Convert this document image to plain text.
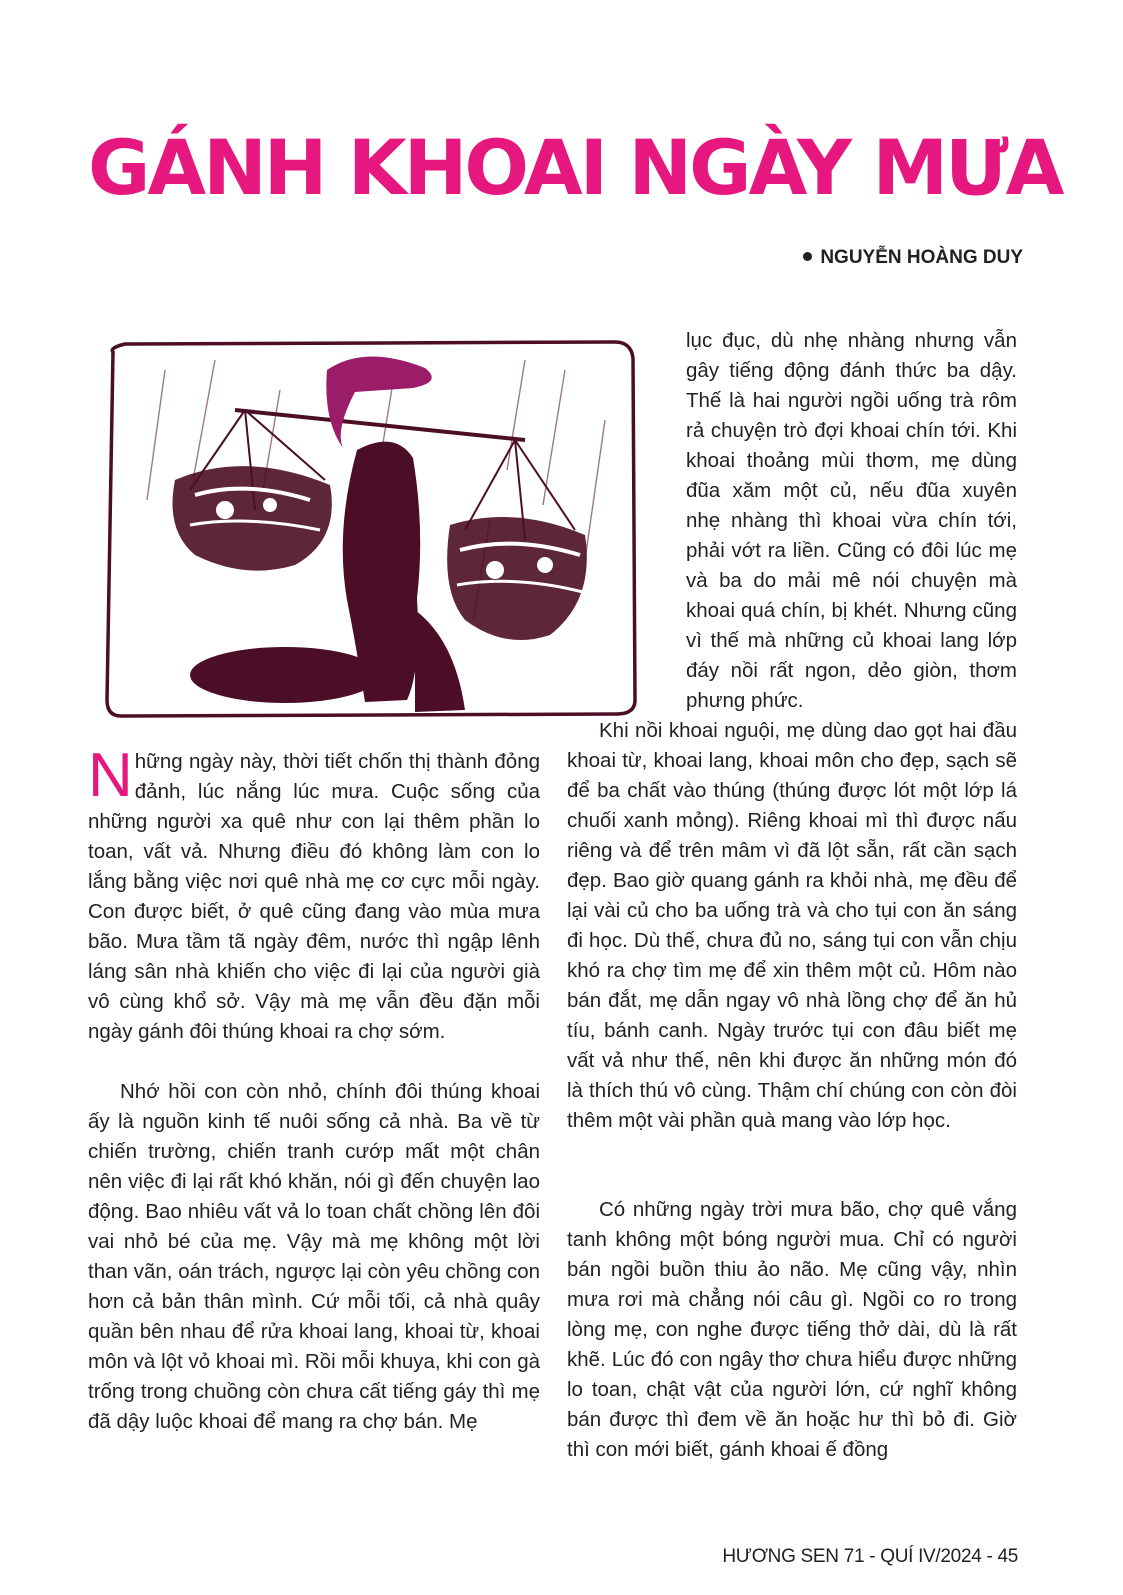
GÁNH KHOAI NGÀY MƯA
NGUYỄN HOÀNG DUY

Những ngày này, thời tiết chốn thị thành đỏng đảnh, lúc nắng lúc mưa. Cuộc sống của những người xa quê như con lại thêm phần lo toan, vất vả. Nhưng điều đó không làm con lo lắng bằng việc nơi quê nhà mẹ cơ cực mỗi ngày. Con được biết, ở quê cũng đang vào mùa mưa bão. Mưa tầm tã ngày đêm, nước thì ngập lênh láng sân nhà khiến cho việc đi lại của người già vô cùng khổ sở. Vậy mà mẹ vẫn đều đặn mỗi ngày gánh đôi thúng khoai ra chợ sớm.

Nhớ hồi con còn nhỏ, chính đôi thúng khoai ấy là nguồn kinh tế nuôi sống cả nhà. Ba về từ chiến trường, chiến tranh cướp mất một chân nên việc đi lại rất khó khăn, nói gì đến chuyện lao động. Bao nhiêu vất vả lo toan chất chồng lên đôi vai nhỏ bé của mẹ. Vậy mà mẹ không một lời than vãn, oán trách, ngược lại còn yêu chồng con hơn cả bản thân mình. Cứ mỗi tối, cả nhà quây quần bên nhau để rửa khoai lang, khoai từ, khoai môn và lột vỏ khoai mì. Rồi mỗi khuya, khi con gà trống trong chuồng còn chưa cất tiếng gáy thì mẹ đã dậy luộc khoai để mang ra chợ bán. Mẹ

lục đục, dù nhẹ nhàng nhưng vẫn gây tiếng động đánh thức ba dậy. Thế là hai người ngồi uống trà rôm rả chuyện trò đợi khoai chín tới. Khi khoai thoảng mùi thơm, mẹ dùng đũa xăm một củ, nếu đũa xuyên nhẹ nhàng thì khoai vừa chín tới, phải vớt ra liền. Cũng có đôi lúc mẹ và ba do mải mê nói chuyện mà khoai quá chín, bị khét. Nhưng cũng vì thế mà những củ khoai lang lớp đáy nồi rất ngon, dẻo giòn, thơm phưng phức.

Khi nồi khoai nguội, mẹ dùng dao gọt hai đầu khoai từ, khoai lang, khoai môn cho đẹp, sạch sẽ để ba chất vào thúng (thúng được lót một lớp lá chuối xanh mỏng). Riêng khoai mì thì được nấu riêng và để trên mâm vì đã lột sẵn, rất cần sạch đẹp. Bao giờ quang gánh ra khỏi nhà, mẹ đều để lại vài củ cho ba uống trà và cho tụi con ăn sáng đi học. Dù thế, chưa đủ no, sáng tụi con vẫn chịu khó ra chợ tìm mẹ để xin thêm một củ. Hôm nào bán đắt, mẹ dẫn ngay vô nhà lồng chợ để ăn hủ tíu, bánh canh. Ngày trước tụi con đâu biết mẹ vất vả như thế, nên khi được ăn những món đó là thích thú vô cùng. Thậm chí chúng con còn đòi thêm một vài phần quà mang vào lớp học.

Có những ngày trời mưa bão, chợ quê vắng tanh không một bóng người mua. Chỉ có người bán ngồi buồn thiu ảo não. Mẹ cũng vậy, nhìn mưa rơi mà chẳng nói câu gì. Ngồi co ro trong lòng mẹ, con nghe được tiếng thở dài, dù là rất khẽ. Lúc đó con ngây thơ chưa hiểu được những lo toan, chật vật của người lớn, cứ nghĩ không bán được thì đem về ăn hoặc hư thì bỏ đi. Giờ thì con mới biết, gánh khoai ế đồng

HƯƠNG SEN 71 - QUÍ IV/2024 - 45
